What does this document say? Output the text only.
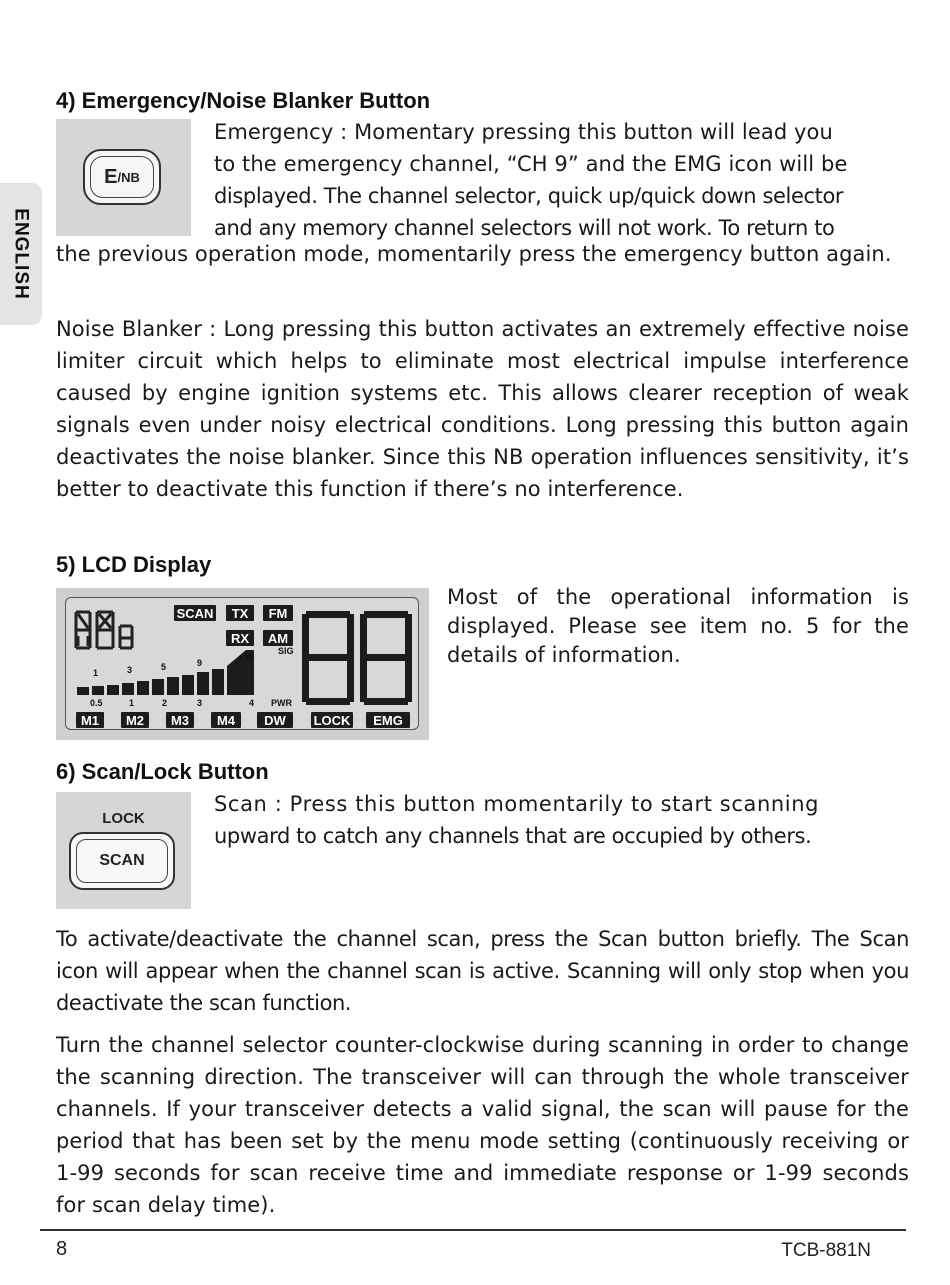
ENGLISH
4) Emergency/Noise Blanker Button
E /NB

Emergency : Momentary pressing this button will lead you

to the emergency channel, “CH 9” and the EMG icon will be

displayed. The channel selector, quick up/quick down selector

and any memory channel selectors will not work. To return to

the previous operation mode, momentarily press the emergency button again.

Noise Blanker : Long pressing this button activates an extremely effective noise limiter circuit which helps to eliminate most electrical impulse interference caused by engine ignition systems etc. This allows clearer reception of weak signals even under noisy electrical conditions. Long pressing this button again deactivates the noise blanker. Since this NB operation influences sensitivity, it’s better to deactivate this function if there’s no interference.

5) LCD Display
SCAN	TX	FM
RX	AM
1	3	5	9	+30
SIG
0.5	1	2	3	4 PWR
M1	M2	M3	M4	DW	LOCK	EMG

Most of the operational information is displayed. Please see item no. 5 for the details of information.

6) Scan/Lock Button
LOCK
SCAN

Scan : Press this button momentarily to start scanning

upward to catch any channels that are occupied by others.

To activate/deactivate the channel scan, press the Scan button briefly. The Scan icon will appear when the channel scan is active. Scanning will only stop when you deactivate the scan function.

Turn the channel selector counter-clockwise during scanning in order to change the scanning direction. The transceiver will can through the whole transceiver channels. If your transceiver detects a valid signal, the scan will pause for the period that has been set by the menu mode setting (continuously receiving or 1-99 seconds for scan receive time and immediate response or 1-99 seconds for scan delay time).

8	TCB-881N
